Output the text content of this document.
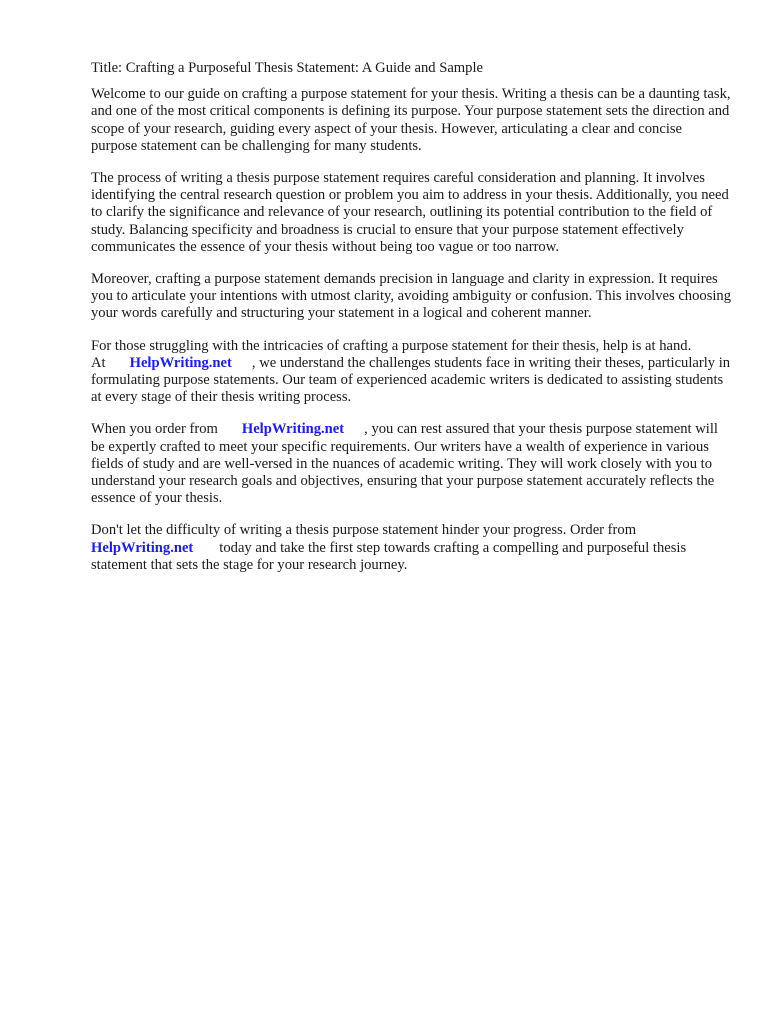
Title: Crafting a Purposeful Thesis Statement: A Guide and Sample

Welcome to our guide on crafting a purpose statement for your thesis. Writing a thesis can be a daunting task, and one of the most critical components is defining its purpose. Your purpose statement sets the direction and scope of your research, guiding every aspect of your thesis. However, articulating a clear and concise purpose statement can be challenging for many students.

The process of writing a thesis purpose statement requires careful consideration and planning. It involves identifying the central research question or problem you aim to address in your thesis. Additionally, you need to clarify the significance and relevance of your research, outlining its potential contribution to the field of study. Balancing specificity and broadness is crucial to ensure that your purpose statement effectively communicates the essence of your thesis without being too vague or too narrow.

Moreover, crafting a purpose statement demands precision in language and clarity in expression. It requires you to articulate your intentions with utmost clarity, avoiding ambiguity or confusion. This involves choosing your words carefully and structuring your statement in a logical and coherent manner.

For those struggling with the intricacies of crafting a purpose statement for their thesis, help is at hand. At HelpWriting.net , we understand the challenges students face in writing their theses, particularly in formulating purpose statements. Our team of experienced academic writers is dedicated to assisting students at every stage of their thesis writing process.

When you order from HelpWriting.net , you can rest assured that your thesis purpose statement will be expertly crafted to meet your specific requirements. Our writers have a wealth of experience in various fields of study and are well-versed in the nuances of academic writing. They will work closely with you to understand your research goals and objectives, ensuring that your purpose statement accurately reflects the essence of your thesis.

Don't let the difficulty of writing a thesis purpose statement hinder your progress. Order from HelpWriting.net today and take the first step towards crafting a compelling and purposeful thesis statement that sets the stage for your research journey.
